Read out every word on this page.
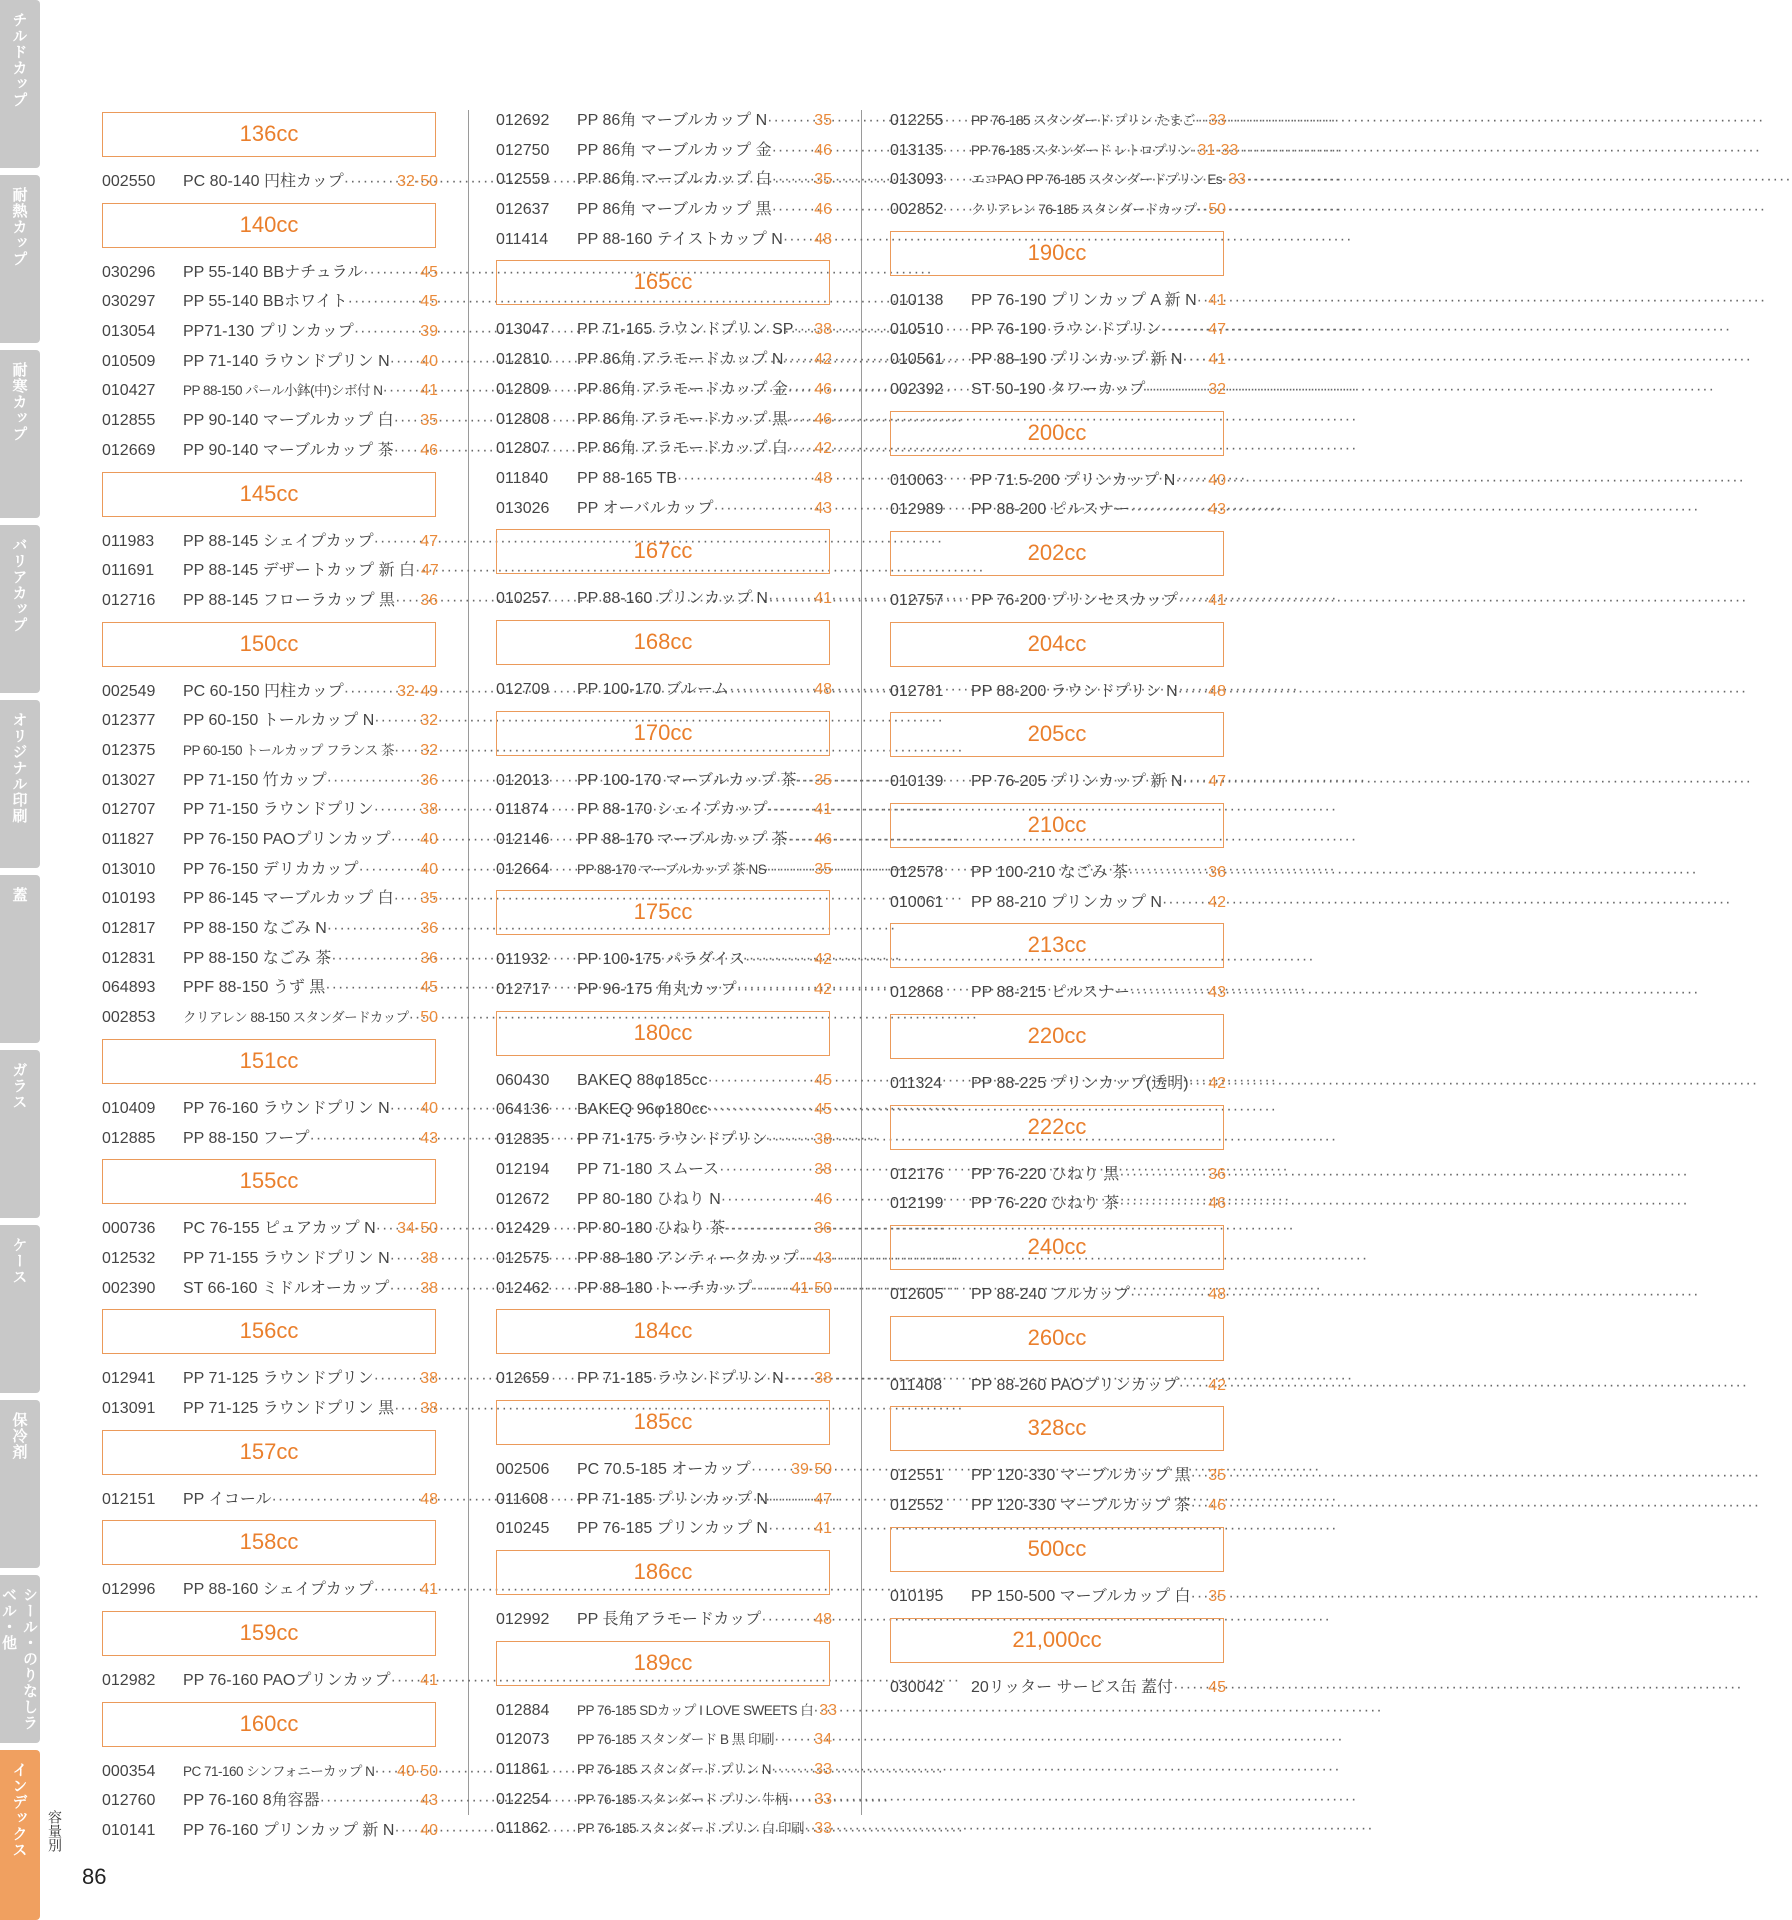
チルドカップ
耐熱カップ
耐寒カップ
バリアカップ
オリジナル印刷
蓋
ガラス
ケース
保冷剤
シール・のりなしラベル・他
インデックス	容量別
86
136cc
002550	PC 80-140 円柱カップ ·····	32·50
140cc
030296	PP 55-140 BBナチュラル ·····	45
030297	PP 55-140 BBホワイト ·····	45
013054	PP71-130 プリンカップ ·····	39
010509	PP 71-140 ラウンドプリン N ····· 40
010427	PP 88-150 パール小鉢(中)シボ付 N ····· 41
012855	PP 90-140 マーブルカップ 白 ····· 35
012669	PP 90-140 マーブルカップ 茶 ····· 46
145cc
011983	PP 88-145 シェイプカップ ·····	47
011691	PP 88-145 デザートカップ 新 白 ····· 47
012716	PP 88-145 フローラカップ 黒 ····· 36
150cc
002549	PC 60-150 円柱カップ ·····	32·49
012377	PP 60-150 トールカップ N ·····	32
012375	PP 60-150 トールカップ フランス 茶 ····· 32
013027	PP 71-150 竹カップ ·····	36
012707	PP 71-150 ラウンドプリン ·····	38
011827	PP 76-150 PAOプリンカップ ····· 40
013010	PP 76-150 デリカカップ ·····	40
010193	PP 86-145 マーブルカップ 白 ····· 35
012817	PP 88-150 なごみ N ·····	36
012831	PP 88-150 なごみ 茶 ·····	36
064893	PPF 88-150 うず 黒 ·····	45
002853	クリアレン 88-150 スタンダードカップ ····· 50
151cc
010409	PP 76-160 ラウンドプリン N ····· 40
012885	PP 88-150 フープ ·····	43
155cc
000736	PC 76-155 ピュアカップ N ····· 34·50
012532	PP 71-155 ラウンドプリン N ····· 38
002390	ST 66-160 ミドルオーカップ ····· 38
156cc
012941	PP 71-125 ラウンドプリン ·····	38
013091	PP 71-125 ラウンドプリン 黒 ····· 38
157cc
012151	PP イコール ·····	48
158cc
012996	PP 88-160 シェイプカップ ·····	41
159cc
012982	PP 76-160 PAOプリンカップ ····· 41
160cc
000354	PC 71-160 シンフォニーカップ N ····· 40·50
012760	PP 76-160 8角容器 ·····	43
010141	PP 76-160 プリンカップ 新 N ····· 40
012692	PP 86角 マーブルカップ N ·····	35
012750	PP 86角 マーブルカップ 金 ·····	46
012559	PP 86角 マーブルカップ 白 ·····	35
012637	PP 86角 マーブルカップ 黒 ·····	46
011414	PP 88-160 テイストカップ N ····· 48
165cc
013047	PP 71-165 ラウンドプリン SP ····· 38
012810	PP 86角 アラモードカップ N ····· 42
012809	PP 86角 アラモードカップ 金 ····· 46
012808	PP 86角 アラモードカップ 黒 ····· 46
012807	PP 86角 アラモードカップ 白 ····· 42
011840	PP 88-165 TB ·····	48
013026	PP オーバルカップ ·····	43
167cc
010257	PP 88-160 プリンカップ N ·····	41
168cc
012709	PP 100-170 ブルーム ·····	48
170cc
012013	PP 100-170 マーブルカップ 茶 ····· 35
011874	PP 88-170 シェイプカップ ·····	41
012146	PP 88-170 マーブルカップ 茶 ····· 46
012664	PP 88-170 マーブルカップ 茶 NS ·····	35
175cc
011932	PP 100-175 パラダイス ·····	42
012717	PP 96-175 角丸カップ ·····	42
180cc
060430	BAKEQ 88φ185cc ·····	45
064136	BAKEQ 96φ180cc ·····	45
012835	PP 71-175 ラウンドプリン ·····	38
012194	PP 71-180 スムース ·····	38
012672	PP 80-180 ひねり N ·····	46
012429	PP 80-180 ひねり 茶 ·····	36
012575	PP 88-180 アンティークカップ ····· 43
012462	PP 88-180 トーチカップ ····· 41·50
184cc
012659	PP 71-185 ラウンドプリン N ····· 38
185cc
002506	PC 70.5-185 オーカップ ·····	39·50
011608	PP 71-185 プリンカップ N ·····	47
010245	PP 76-185 プリンカップ N ·····	41
186cc
012992	PP 長角アラモードカップ ·····	48
189cc
012884	PP 76-185 SDカップ I LOVE SWEETS 白 ····· 33
012073	PP 76-185 スタンダード B 黒 印刷 ·····	34
011861	PP 76-185 スタンダード プリン N ·····	33
012254	PP 76-185 スタンダード プリン 牛柄 ····· 33
011862	PP 76-185 スタンダード プリン 白 印刷 ····· 33
012255	PP 76-185 スタンダード プリン たまご ····· 33
013135	PP 76-185 スタンダード レトロプリン ····· 31·33
013093	エコPAO PP 76-185 スタンダードプリン Es ····· 33
002852	クリアレン 76-185 スタンダードカップ ····· 50
190cc
010138	PP 76-190 プリンカップ A 新 N ····· 41
010510	PP 76-190 ラウンドプリン ·····	47
010561	PP 88-190 プリンカップ 新 N ····· 41
002392	ST 50-190 タワーカップ ·····	32
200cc
010063	PP 71.5-200 プリンカップ N ····· 40
012989	PP 88-200 ピルスナー ·····	43
202cc
012757	PP 76-200 プリンセスカップ ····· 41
204cc
012781	PP 88-200 ラウンドプリン N ····· 48
205cc
010139	PP 76-205 プリンカップ 新 N ····· 47
210cc
012578	PP 100-210 なごみ 茶 ·····	36
010061	PP 88-210 プリンカップ N ·····	42
213cc
012868	PP 88-215 ピルスナー ·····	43
220cc
011324	PP 88-225 プリンカップ(透明) ····· 42
222cc
012176	PP 76-220 ひねり 黒 ·····	36
012199	PP 76-220 ひねり 茶 ·····	46
240cc
012605	PP 88-240 フルカップ ·····	48
260cc
011408	PP 88-260 PAOプリンカップ ····· 42
328cc
012551	PP 120-330 マーブルカップ 黒 ····· 35
012552	PP 120-330 マーブルカップ 茶 ····· 46
500cc
010195	PP 150-500 マーブルカップ 白 ····· 35
21,000cc
030042	20リッター サービス缶 蓋付 ····· 45
